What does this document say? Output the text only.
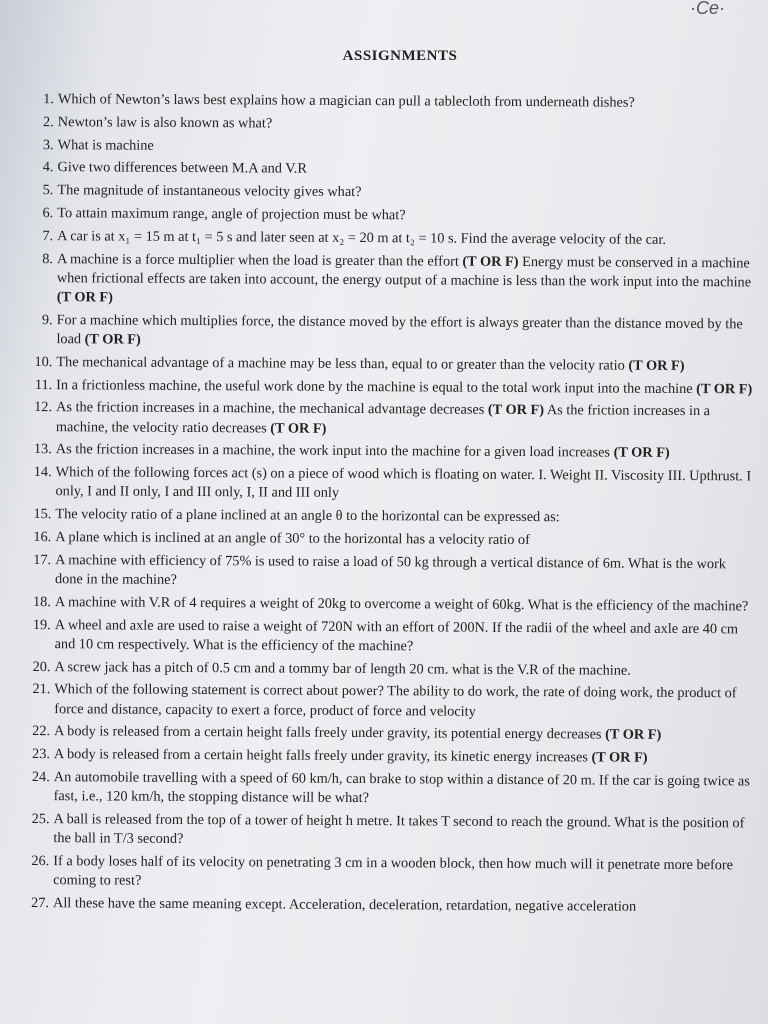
·Ce·
ASSIGNMENTS
1. Which of Newton’s laws best explains how a magician can pull a tablecloth from underneath dishes?
2. Newton’s law is also known as what?
3. What is machine
4. Give two differences between M.A and V.R
5. The magnitude of instantaneous velocity gives what?
6. To attain maximum range, angle of projection must be what?
7. A car is at x₁ = 15 m at t₁ = 5 s and later seen at x₂ = 20 m at t₂ = 10 s. Find the average velocity of the car.
8. A machine is a force multiplier when the load is greater than the effort (T OR F) Energy must be conserved in a machine when frictional effects are taken into account, the energy output of a machine is less than the work input into the machine (T OR F)
9. For a machine which multiplies force, the distance moved by the effort is always greater than the distance moved by the load (T OR F)
10. The mechanical advantage of a machine may be less than, equal to or greater than the velocity ratio (T OR F)
11. In a frictionless machine, the useful work done by the machine is equal to the total work input into the machine (T OR F)
12. As the friction increases in a machine, the mechanical advantage decreases (T OR F) As the friction increases in a machine, the velocity ratio decreases (T OR F)
13. As the friction increases in a machine, the work input into the machine for a given load increases (T OR F)
14. Which of the following forces act (s) on a piece of wood which is floating on water. I. Weight II. Viscosity III. Upthrust. I only, I and II only, I and III only, I, II and III only
15. The velocity ratio of a plane inclined at an angle θ to the horizontal can be expressed as:
16. A plane which is inclined at an angle of 30° to the horizontal has a velocity ratio of
17. A machine with efficiency of 75% is used to raise a load of 50 kg through a vertical distance of 6m. What is the work done in the machine?
18. A machine with V.R of 4 requires a weight of 20kg to overcome a weight of 60kg. What is the efficiency of the machine?
19. A wheel and axle are used to raise a weight of 720N with an effort of 200N. If the radii of the wheel and axle are 40 cm and 10 cm respectively. What is the efficiency of the machine?
20. A screw jack has a pitch of 0.5 cm and a tommy bar of length 20 cm. what is the V.R of the machine.
21. Which of the following statement is correct about power? The ability to do work, the rate of doing work, the product of force and distance, capacity to exert a force, product of force and velocity
22. A body is released from a certain height falls freely under gravity, its potential energy decreases (T OR F)
23. A body is released from a certain height falls freely under gravity, its kinetic energy increases (T OR F)
24. An automobile travelling with a speed of 60 km/h, can brake to stop within a distance of 20 m. If the car is going twice as fast, i.e., 120 km/h, the stopping distance will be what?
25. A ball is released from the top of a tower of height h metre. It takes T second to reach the ground. What is the position of the ball in T/3 second?
26. If a body loses half of its velocity on penetrating 3 cm in a wooden block, then how much will it penetrate more before coming to rest?
27. All these have the same meaning except. Acceleration, deceleration, retardation, negative acceleration
